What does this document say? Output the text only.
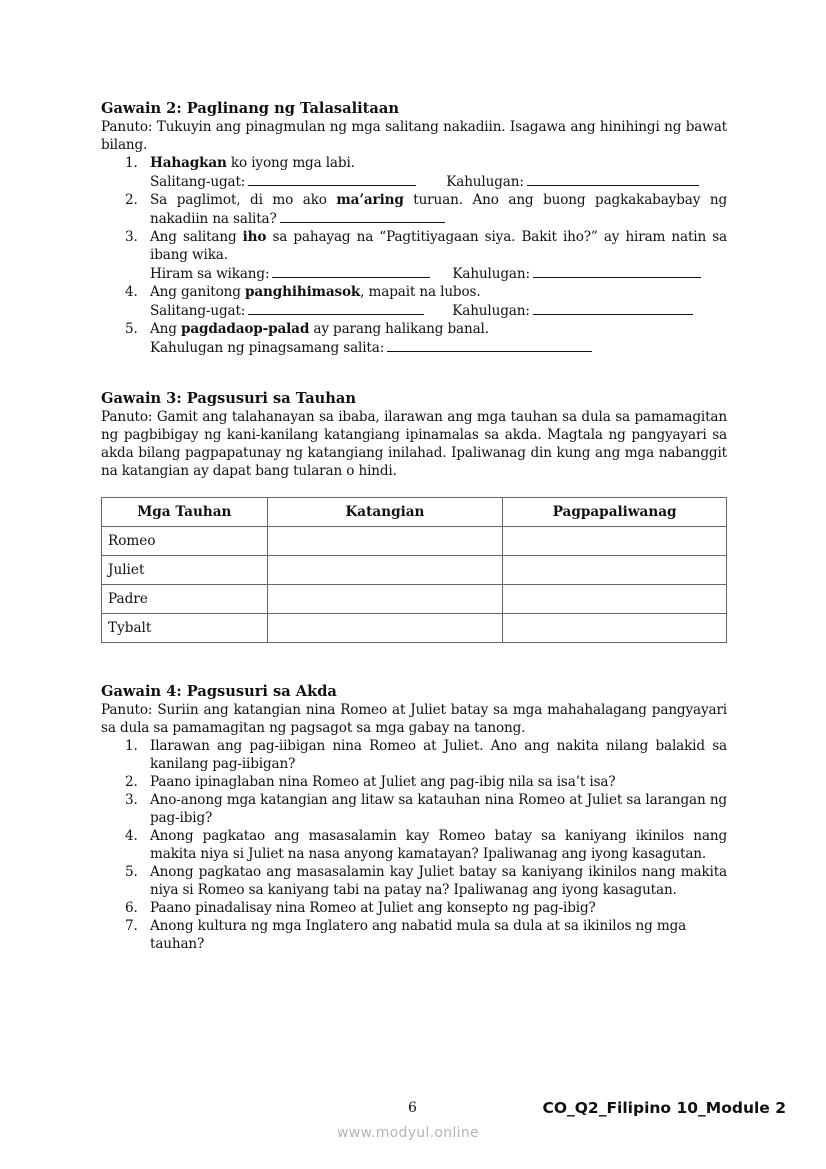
Gawain 2: Paglinang ng Talasalitaan

Panuto: Tukuyin ang pinagmulan ng mga salitang nakadiin. Isagawa ang hinihingi ng bawat bilang.

1. Hahagkan ko iyong mga labi.
Salitang-ugat:	Kahulugan:
2. Sa paglimot, di mo ako ma’aring turuan. Ano ang buong pagkakabaybay ng nakadiin na salita?
3. Ang salitang iho sa pahayag na “Pagtitiyagaan siya. Bakit iho?” ay hiram natin sa ibang wika.
Hiram sa wikang:	Kahulugan:
4. Ang ganitong panghihimasok, mapait na lubos.
Salitang-ugat:	Kahulugan:
5. Ang pagdadaop-palad ay parang halikang banal.
Kahulugan ng pinagsamang salita:
Gawain 3: Pagsusuri sa Tauhan

Panuto: Gamit ang talahanayan sa ibaba, ilarawan ang mga tauhan sa dula sa pamamagitan ng pagbibigay ng kani-kanilang katangiang ipinamalas sa akda. Magtala ng pangyayari sa akda bilang pagpapatunay ng katangiang inilahad. Ipaliwanag din kung ang mga nabanggit na katangian ay dapat bang tularan o hindi.

Mga Tauhan	Katangian	Pagpapaliwanag
Romeo		
Juliet		
Padre		
Tybalt		
Gawain 4: Pagsusuri sa Akda

Panuto: Suriin ang katangian nina Romeo at Juliet batay sa mga mahahalagang pangyayari sa dula sa pamamagitan ng pagsagot sa mga gabay na tanong.

1. Ilarawan ang pag-iibigan nina Romeo at Juliet. Ano ang nakita nilang balakid sa kanilang pag-iibigan?
2. Paano ipinaglaban nina Romeo at Juliet ang pag-ibig nila sa isa’t isa?
3. Ano-anong mga katangian ang litaw sa katauhan nina Romeo at Juliet sa larangan ng pag-ibig?
4. Anong pagkatao ang masasalamin kay Romeo batay sa kaniyang ikinilos nang makita niya si Juliet na nasa anyong kamatayan? Ipaliwanag ang iyong kasagutan.
5. Anong pagkatao ang masasalamin kay Juliet batay sa kaniyang ikinilos nang makita niya si Romeo sa kaniyang tabi na patay na? Ipaliwanag ang iyong kasagutan.
6. Paano pinadalisay nina Romeo at Juliet ang konsepto ng pag-ibig?
7. Anong kultura ng mga Inglatero ang nabatid mula sa dula at sa ikinilos ng mga tauhan?
6	CO_Q2_Filipino 10_Module 2
www.modyul.online
